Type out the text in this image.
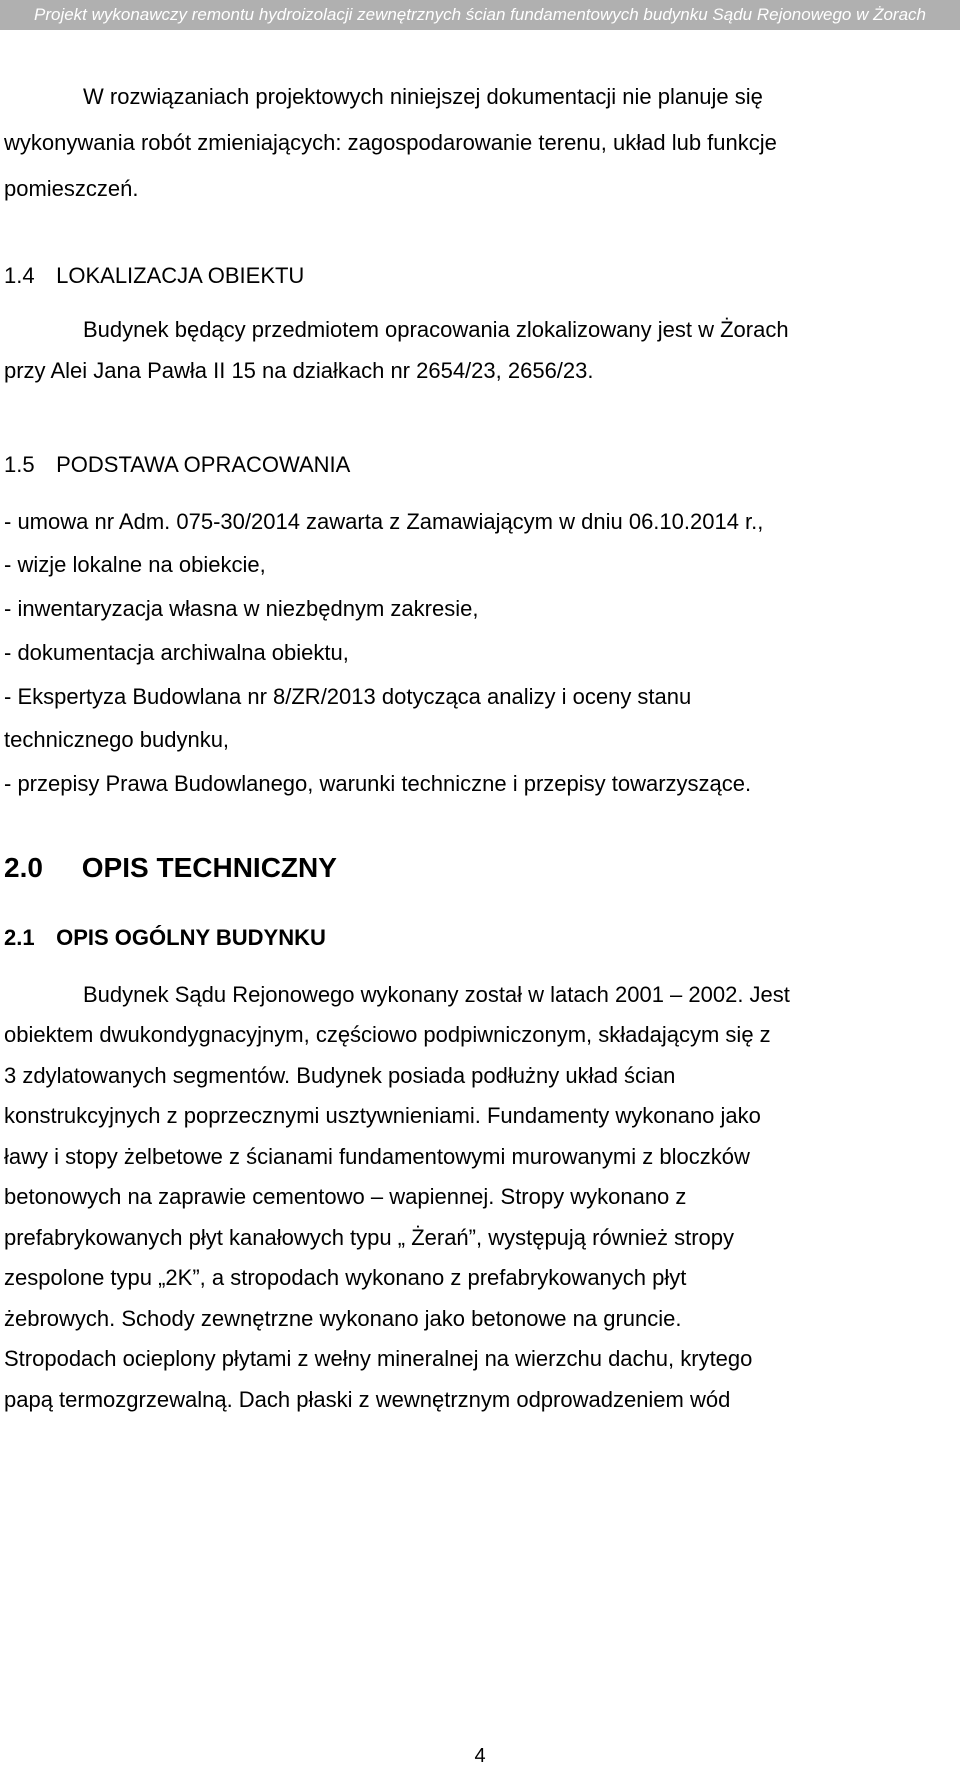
Projekt wykonawczy remontu hydroizolacji zewnętrznych ścian fundamentowych budynku Sądu Rejonowego w Żorach
W rozwiązaniach projektowych niniejszej dokumentacji nie planuje się
wykonywania robót zmieniających: zagospodarowanie terenu, układ lub funkcje
pomieszczeń.
1.4 LOKALIZACJA OBIEKTU
Budynek będący przedmiotem opracowania zlokalizowany jest w Żorach
przy Alei Jana Pawła II 15 na działkach nr 2654/23, 2656/23.
1.5 PODSTAWA OPRACOWANIA
- umowa nr Adm. 075-30/2014 zawarta z Zamawiającym w dniu 06.10.2014 r.,
- wizje lokalne na obiekcie,
- inwentaryzacja własna w niezbędnym zakresie,
- dokumentacja archiwalna obiektu,
- Ekspertyza Budowlana nr 8/ZR/2013 dotycząca analizy i oceny stanu
technicznego budynku,
- przepisy Prawa Budowlanego, warunki techniczne i przepisy towarzyszące.
2.0 OPIS TECHNICZNY
2.1 OPIS OGÓLNY BUDYNKU
Budynek Sądu Rejonowego wykonany został w latach 2001 – 2002. Jest
obiektem dwukondygnacyjnym, częściowo podpiwniczonym, składającym się z
3 zdylatowanych segmentów. Budynek posiada podłużny układ ścian
konstrukcyjnych z poprzecznymi usztywnieniami. Fundamenty wykonano jako
ławy i stopy żelbetowe z ścianami fundamentowymi murowanymi z bloczków
betonowych na zaprawie cementowo – wapiennej. Stropy wykonano z
prefabrykowanych płyt kanałowych typu „ Żerań”, występują również stropy
zespolone typu „2K”, a stropodach wykonano z prefabrykowanych płyt
żebrowych. Schody zewnętrzne wykonano jako betonowe na gruncie.
Stropodach ocieplony płytami z wełny mineralnej na wierzchu dachu, krytego
papą termozgrzewalną. Dach płaski z wewnętrznym odprowadzeniem wód
4
